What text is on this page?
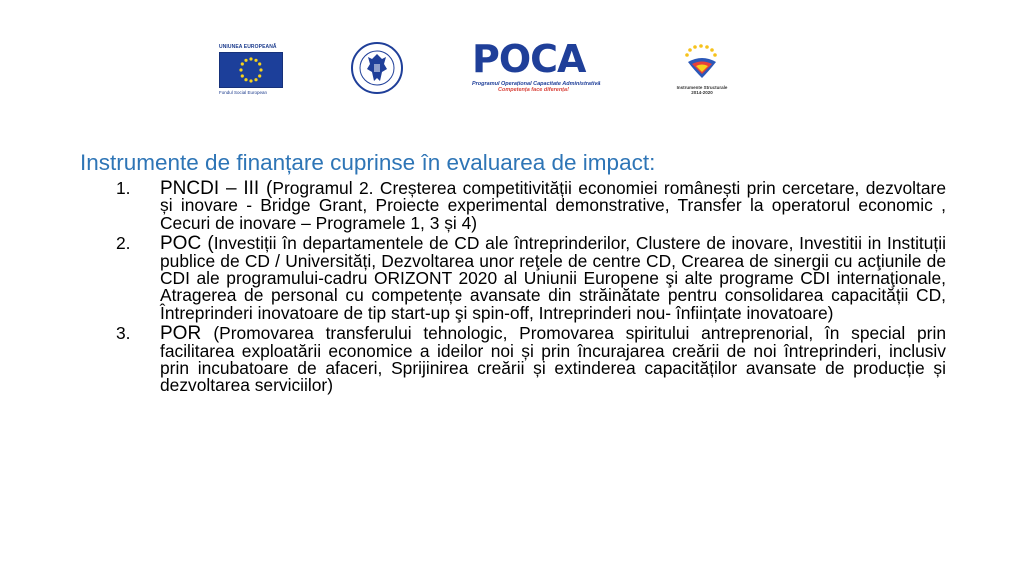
UNIUNEA EUROPEANĂ
Fondul Social European
POCA
Programul Operațional Capacitate Administrativă
Competența face diferența!	Instrumente Structurale
2014-2020
Instrumente de finanțare cuprinse în evaluarea de impact:
1. PNCDI – III (Programul 2. Creșterea competitivității economiei românești prin cercetare, dezvoltare și inovare - Bridge Grant, Proiecte experimental demonstrative, Transfer la operatorul economic , Cecuri de inovare – Programele 1, 3 și 4)
2. POC (Investiții în departamentele de CD ale întreprinderilor, Clustere de inovare, Investitii in Instituții publice de CD / Universități, Dezvoltarea unor reţele de centre CD, Crearea de sinergii cu acţiunile de CDI ale programului-cadru ORIZONT 2020 al Uniunii Europene şi alte programe CDI internaţionale, Atragerea de personal cu competențe avansate din străinătate pentru consolidarea capacității CD, Întreprinderi inovatoare de tip start-up şi spin-off, Intreprinderi nou- înființate inovatoare)
3. POR (Promovarea transferului tehnologic, Promovarea spiritului antreprenorial, în special prin facilitarea exploatării economice a ideilor noi și prin încurajarea creării de noi întreprinderi, inclusiv prin incubatoare de afaceri, Sprijinirea creării și extinderea capacităților avansate de producție și dezvoltarea serviciilor)
